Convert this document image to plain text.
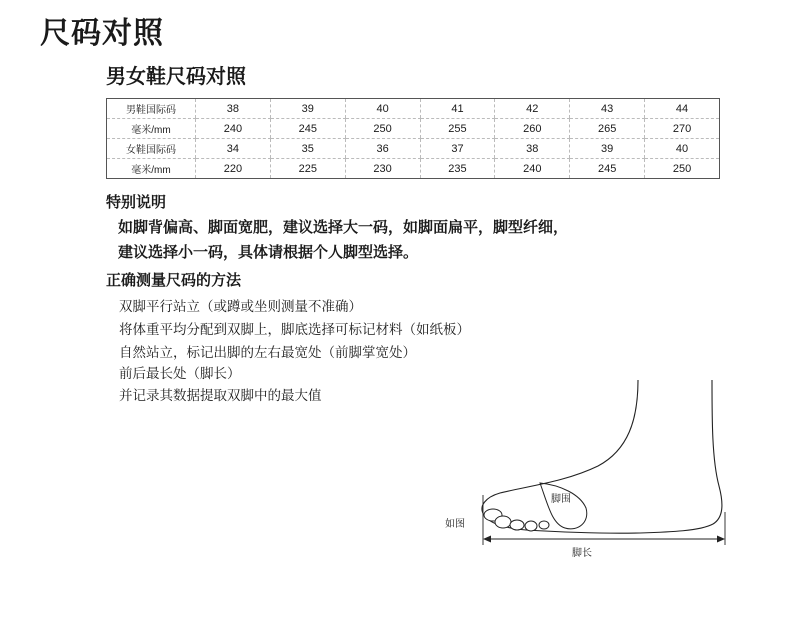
尺码对照
男女鞋尺码对照
男鞋国际码	38	39	40	41	42	43	44
毫米/mm	240	245	250	255	260	265	270
女鞋国际码	34	35	36	37	38	39	40
毫米/mm	220	225	230	235	240	245	250
特别说明
如脚背偏高、脚面宽肥，建议选择大一码，如脚面扁平，脚型纤细，
建议选择小一码，具体请根据个人脚型选择。
正确测量尺码的方法
双脚平行站立（或蹲或坐则测量不准确）
将体重平均分配到双脚上，脚底选择可标记材料（如纸板）
自然站立，标记出脚的左右最宽处（前脚掌宽处）
前后最长处（脚长）
并记录其数据提取双脚中的最大值
如图
脚围
脚长
